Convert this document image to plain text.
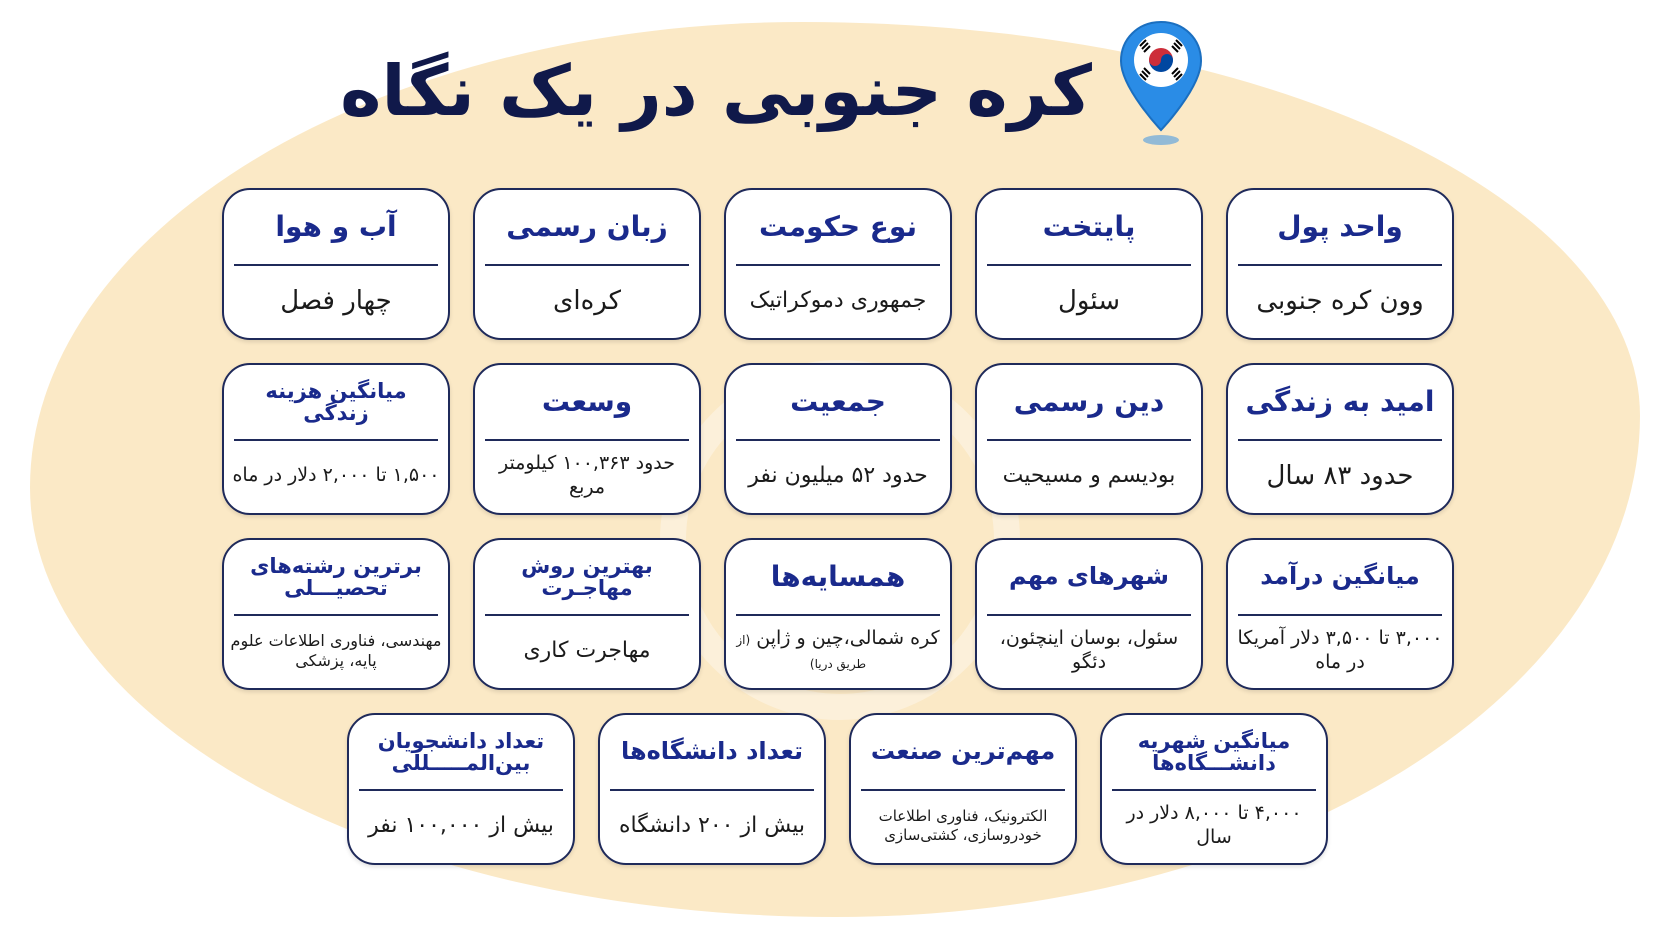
کره جنوبی در یک نگاه
واحد پول
وون کره جنوبی
پایتخت
سئول
نوع حکومت
جمهوری دموکراتیک
زبان رسمی
کره‌ای
آب و هوا
چهار فصل
امید به زندگی
حدود ۸۳ سال
دین رسمی
بودیسم و مسیحیت
جمعیت
حدود ۵۲ میلیون نفر
وسعت
حدود ۱۰۰,۳۶۳ کیلومتر مربع
میانگین هزینه زندگی
۱,۵۰۰ تا ۲,۰۰۰ دلار در ماه
میانگین درآمد
۳,۰۰۰ تا ۳,۵۰۰ دلار آمریکا در ماه
شهرهای مهم
سئول، بوسان اینچئون، دئگو
همسایه‌ها
کره شمالی،چین و ژاپن (از طریق دریا)
بهترین روش مهاجـرت
مهاجرت کاری
برترین رشته‌های تحصیـــلی
مهندسی، فناوری اطلاعات علوم پایه، پزشکی
میانگین شهریه دانشـــگاه‌ها
۴,۰۰۰ تا ۸,۰۰۰ دلار در سال
مهم‌ترین صنعت
الکترونیک، فناوری اطلاعات خودروسازی، کشتی‌سازی
تعداد دانشگاه‌ها
بیش از ۲۰۰ دانشگاه
تعداد دانشجویان بین‌المـــــللی
بیش از ۱۰۰,۰۰۰ نفر
